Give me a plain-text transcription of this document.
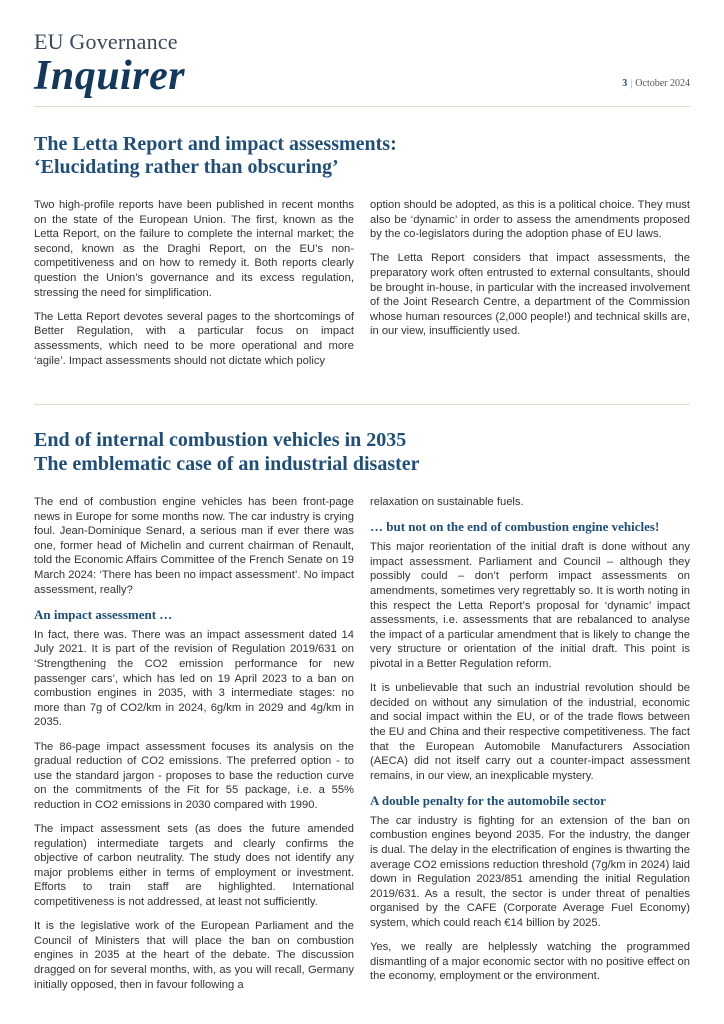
EU Governance
Inquirer	3 | October 2024
The Letta Report and impact assessments:
‘Elucidating rather than obscuring’

Two high-profile reports have been published in recent months on the state of the European Union. The first, known as the Letta Report, on the failure to complete the internal market; the second, known as the Draghi Report, on the EU’s non-competitiveness and on how to remedy it. Both reports clearly question the Union’s governance and its excess regulation, stressing the need for simplification.

The Letta Report devotes several pages to the shortcomings of Better Regulation, with a particular focus on impact assessments, which need to be more operational and more ‘agile’. Impact assessments should not dictate which policy

option should be adopted, as this is a political choice. They must also be ‘dynamic’ in order to assess the amendments proposed by the co-legislators during the adoption phase of EU laws.

The Letta Report considers that impact assessments, the preparatory work often entrusted to external consultants, should be brought in-house, in particular with the increased involvement of the Joint Research Centre, a department of the Commission whose human resources (2,000 people!) and technical skills are, in our view, insufficiently used.

End of internal combustion vehicles in 2035
The emblematic case of an industrial disaster

The end of combustion engine vehicles has been front-page news in Europe for some months now. The car industry is crying foul. Jean-Dominique Senard, a serious man if ever there was one, former head of Michelin and current chairman of Renault, told the Economic Affairs Committee of the French Senate on 19 March 2024: ‘There has been no impact assessment’. No impact assessment, really?

An impact assessment …

In fact, there was. There was an impact assessment dated 14 July 2021. It is part of the revision of Regulation 2019/631 on ‘Strengthening the CO2 emission performance for new passenger cars’, which has led on 19 April 2023 to a ban on combustion engines in 2035, with 3 intermediate stages: no more than 7g of CO2/km in 2024, 6g/km in 2029 and 4g/km in 2035.

The 86-page impact assessment focuses its analysis on the gradual reduction of CO2 emissions. The preferred option - to use the standard jargon - proposes to base the reduction curve on the commitments of the Fit for 55 package, i.e. a 55% reduction in CO2 emissions in 2030 compared with 1990.

The impact assessment sets (as does the future amended regulation) intermediate targets and clearly confirms the objective of carbon neutrality. The study does not identify any major problems either in terms of employment or investment. Efforts to train staff are highlighted. International competitiveness is not addressed, at least not sufficiently.

It is the legislative work of the European Parliament and the Council of Ministers that will place the ban on combustion engines in 2035 at the heart of the debate. The discussion dragged on for several months, with, as you will recall, Germany initially opposed, then in favour following a

relaxation on sustainable fuels.

… but not on the end of combustion engine vehicles!

This major reorientation of the initial draft is done without any impact assessment. Parliament and Council – although they possibly could – don’t perform impact assessments on amendments, sometimes very regrettably so. It is worth noting in this respect the Letta Report’s proposal for ‘dynamic’ impact assessments, i.e. assessments that are rebalanced to analyse the impact of a particular amendment that is likely to change the very structure or orientation of the initial draft. This point is pivotal in a Better Regulation reform.

It is unbelievable that such an industrial revolution should be decided on without any simulation of the industrial, economic and social impact within the EU, or of the trade flows between the EU and China and their respective competitiveness. The fact that the European Automobile Manufacturers Association (AECA) did not itself carry out a counter-impact assessment remains, in our view, an inexplicable mystery.

A double penalty for the automobile sector

The car industry is fighting for an extension of the ban on combustion engines beyond 2035. For the industry, the danger is dual. The delay in the electrification of engines is thwarting the average CO2 emissions reduction threshold (7g/km in 2024) laid down in Regulation 2023/851 amending the initial Regulation 2019/631. As a result, the sector is under threat of penalties organised by the CAFE (Corporate Average Fuel Economy) system, which could reach €14 billion by 2025.

Yes, we really are helplessly watching the programmed dismantling of a major economic sector with no positive effect on the economy, employment or the environment.
